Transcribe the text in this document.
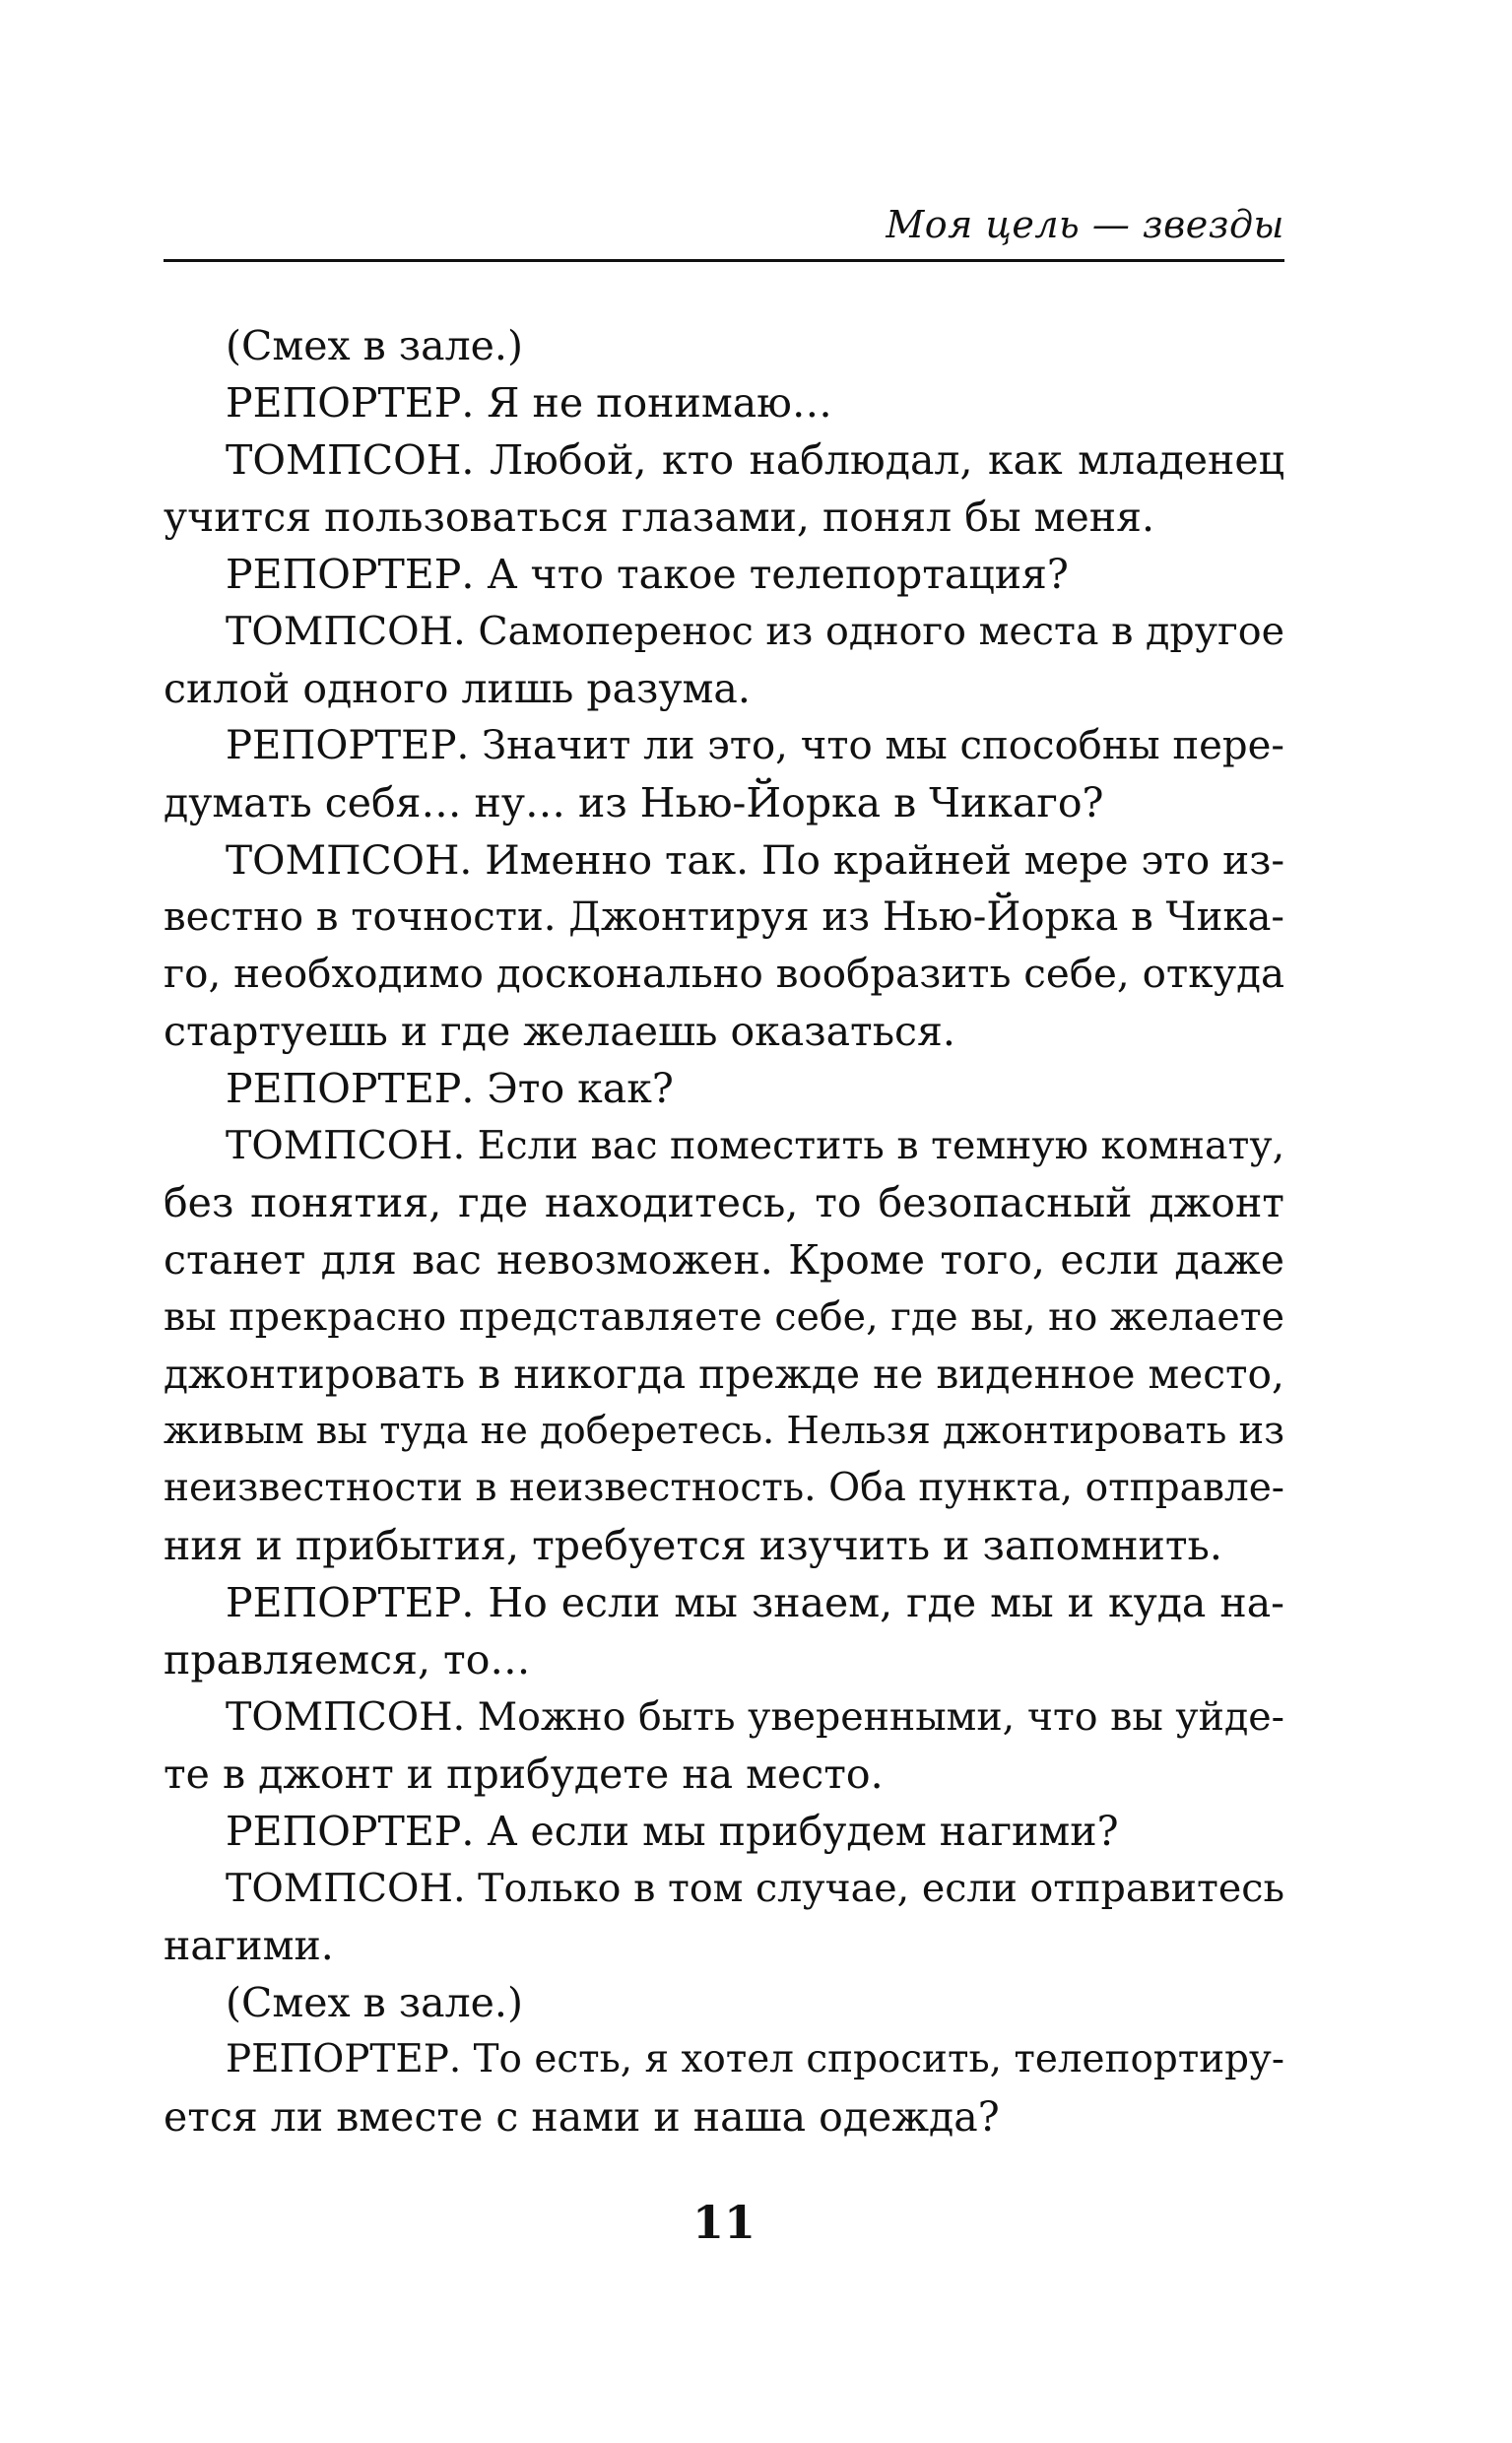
Моя цель — звезды
(Смех в зале.)
РЕПОРТЕР. Я не понимаю…
ТОМПСОН. Любой, кто наблюдал, как младенец
учится пользоваться глазами, понял бы меня.
РЕПОРТЕР. А что такое телепортация?
ТОМПСОН. Самоперенос из одного места в другое
силой одного лишь разума.
РЕПОРТЕР. Значит ли это, что мы способны пере-
думать себя… ну… из Нью-Йорка в Чикаго?
ТОМПСОН. Именно так. По крайней мере это из-
вестно в точности. Джонтируя из Нью-Йорка в Чика-
го, необходимо досконально вообразить себе, откуда
стартуешь и где желаешь оказаться.
РЕПОРТЕР. Это как?
ТОМПСОН. Если вас поместить в темную комнату,
без понятия, где находитесь, то безопасный джонт
станет для вас невозможен. Кроме того, если даже
вы прекрасно представляете себе, где вы, но желаете
джонтировать в никогда прежде не виденное место,
живым вы туда не доберетесь. Нельзя джонтировать из
неизвестности в неизвестность. Оба пункта, отправле-
ния и прибытия, требуется изучить и запомнить.
РЕПОРТЕР. Но если мы знаем, где мы и куда на-
правляемся, то…
ТОМПСОН. Можно быть уверенными, что вы уйде-
те в джонт и прибудете на место.
РЕПОРТЕР. А если мы прибудем нагими?
ТОМПСОН. Только в том случае, если отправитесь
нагими.
(Смех в зале.)
РЕПОРТЕР. То есть, я хотел спросить, телепортиру-
ется ли вместе с нами и наша одежда?
11
